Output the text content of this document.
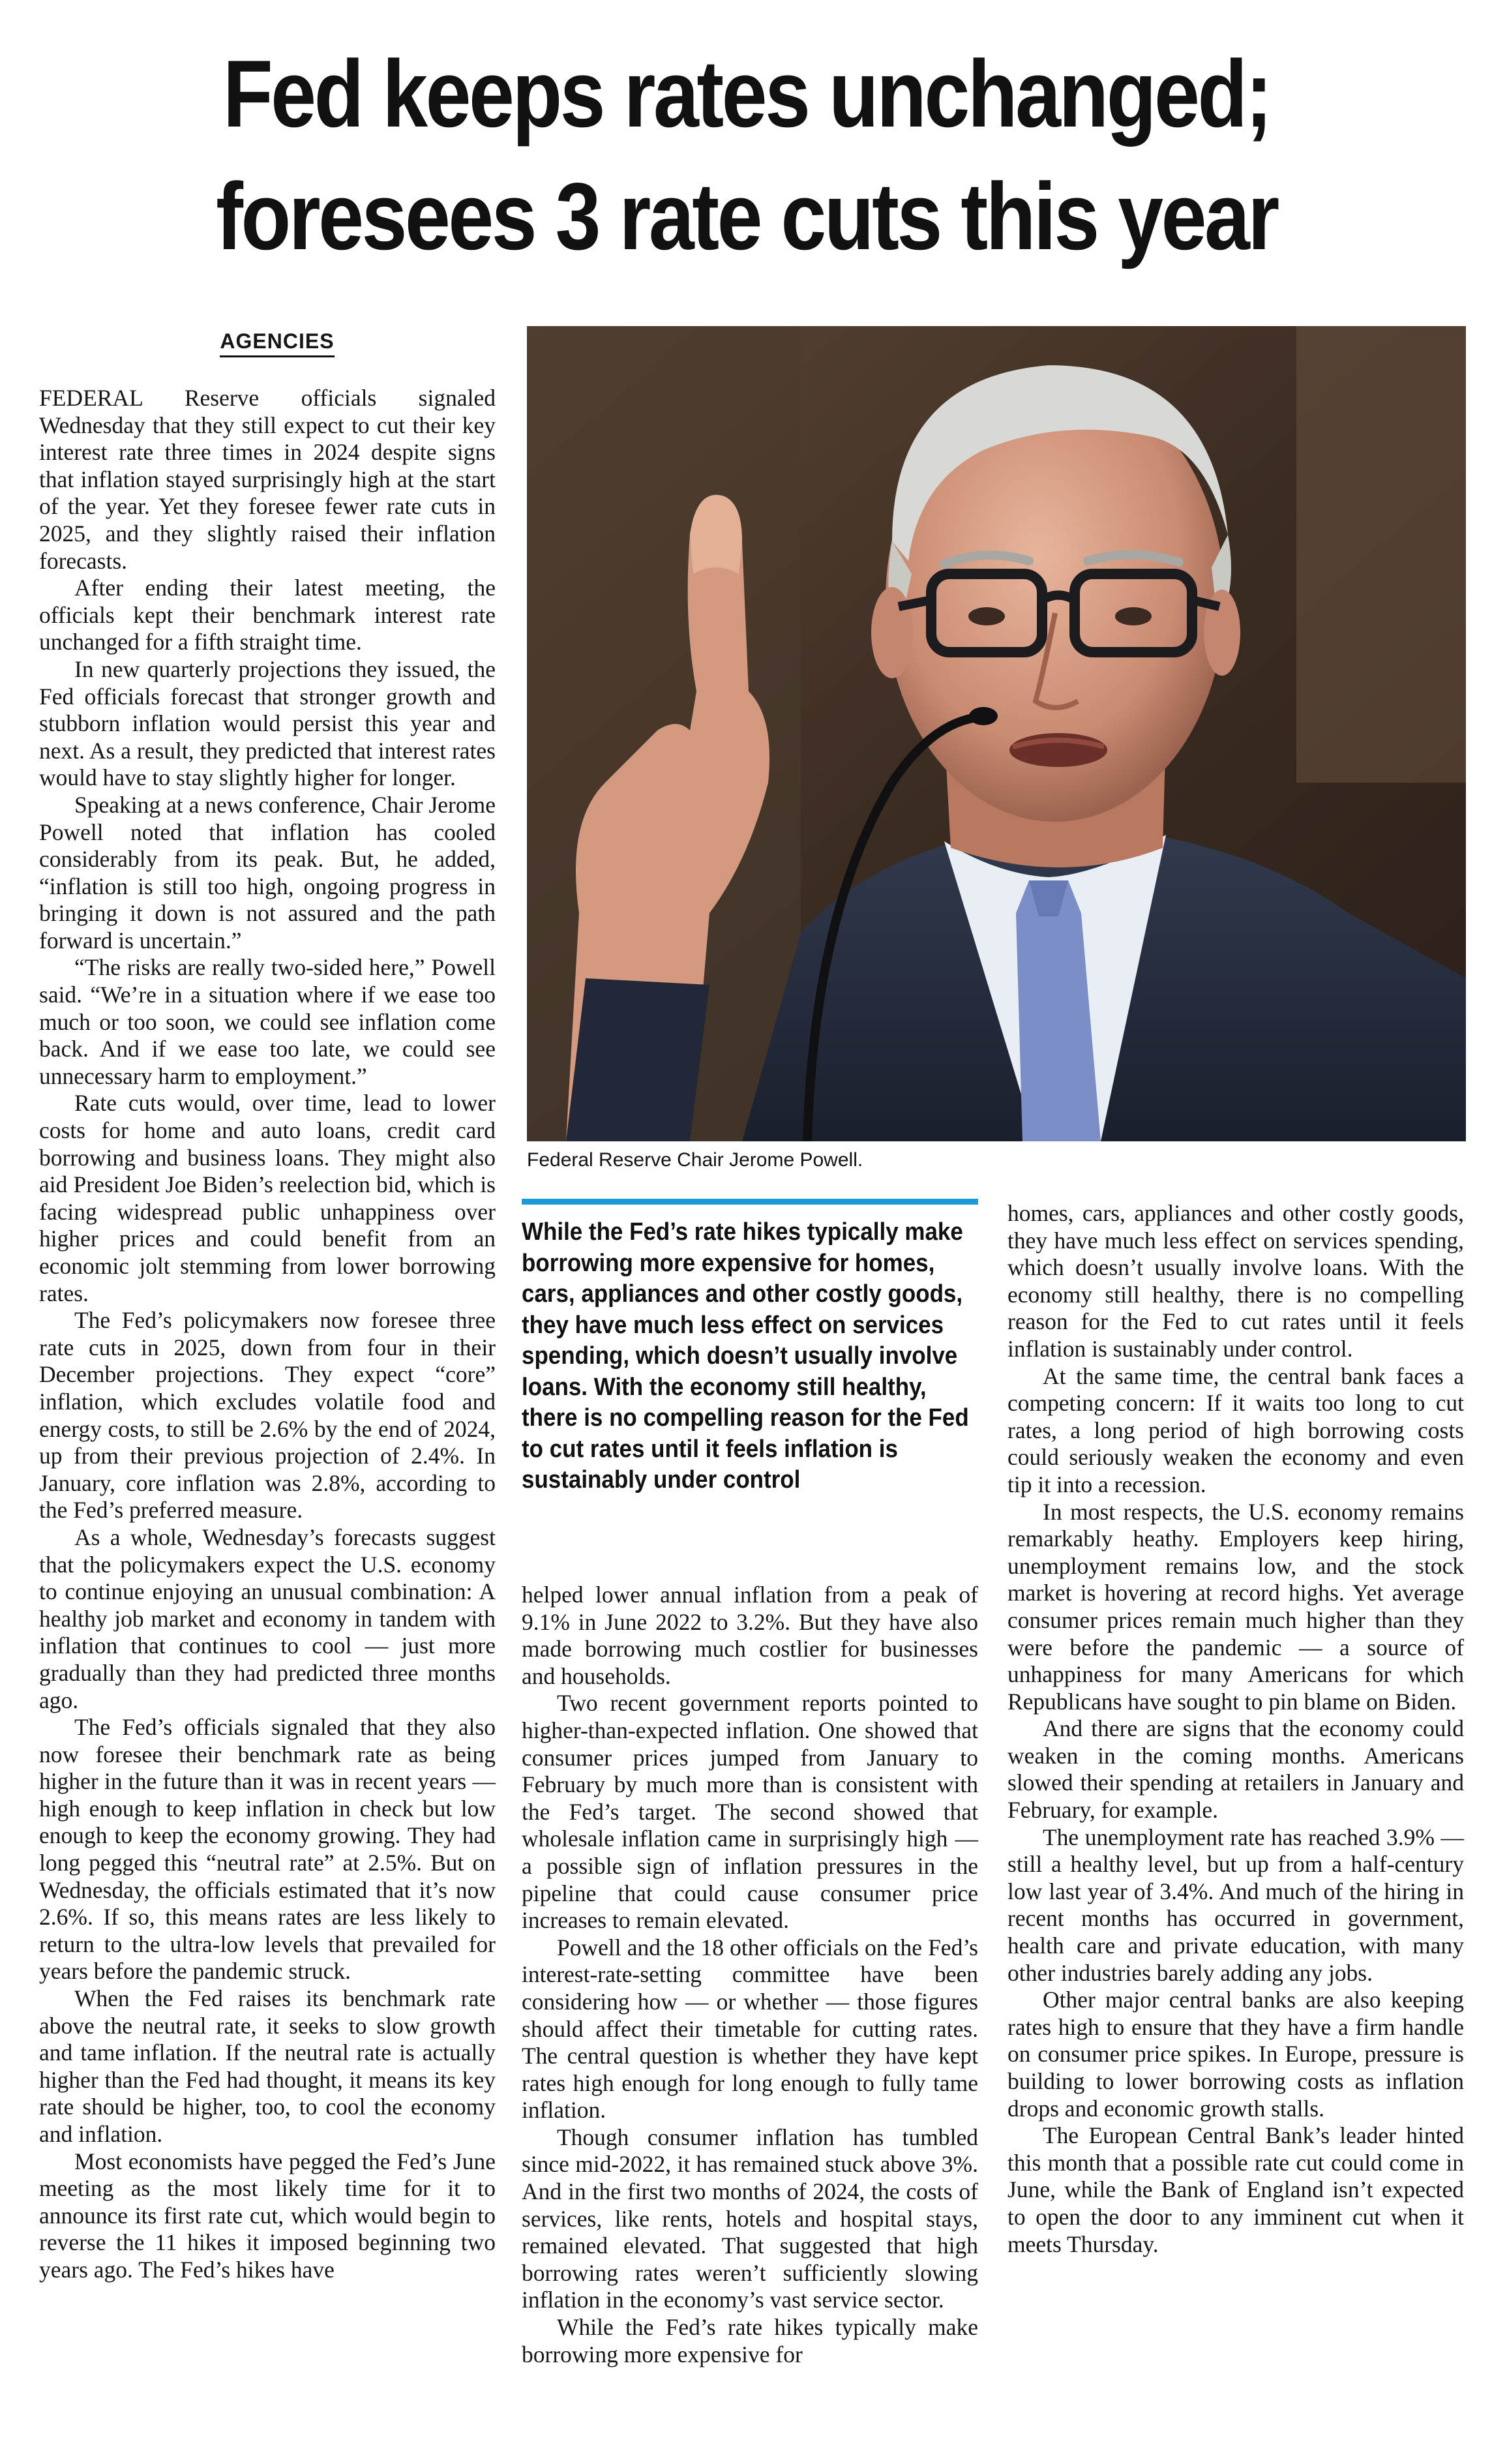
Fed keeps rates unchanged;
foresees 3 rate cuts this year
AGENCIES

FEDERAL Reserve officials signaled Wednesday that they still expect to cut their key interest rate three times in 2024 despite signs that inflation stayed surprisingly high at the start of the year. Yet they foresee fewer rate cuts in 2025, and they slightly raised their inflation forecasts.

After ending their latest meeting, the officials kept their benchmark interest rate unchanged for a fifth straight time.

In new quarterly projections they issued, the Fed officials forecast that stronger growth and stubborn inflation would persist this year and next. As a result, they predicted that interest rates would have to stay slightly higher for longer.

Speaking at a news conference, Chair Jerome Powell noted that inflation has cooled considerably from its peak. But, he added, “inflation is still too high, ongoing progress in bringing it down is not assured and the path forward is uncertain.”

“The risks are really two-sided here,” Powell said. “We’re in a situation where if we ease too much or too soon, we could see inflation come back. And if we ease too late, we could see unnecessary harm to employment.”

Rate cuts would, over time, lead to lower costs for home and auto loans, credit card borrowing and business loans. They might also aid President Joe Biden’s reelection bid, which is facing widespread public unhappiness over higher prices and could benefit from an economic jolt stemming from lower borrowing rates.

The Fed’s policymakers now foresee three rate cuts in 2025, down from four in their December projections. They expect “core” inflation, which excludes volatile food and energy costs, to still be 2.6% by the end of 2024, up from their previous projection of 2.4%. In January, core inflation was 2.8%, according to the Fed’s preferred measure.

As a whole, Wednesday’s forecasts suggest that the policymakers expect the U.S. economy to continue enjoying an unusual combination: A healthy job market and economy in tandem with inflation that continues to cool — just more gradually than they had predicted three months ago.

The Fed’s officials signaled that they also now foresee their benchmark rate as being higher in the future than it was in recent years — high enough to keep inflation in check but low enough to keep the economy growing. They had long pegged this “neutral rate” at 2.5%. But on Wednesday, the officials estimated that it’s now 2.6%. If so, this means rates are less likely to return to the ultra-low levels that prevailed for years before the pandemic struck.

When the Fed raises its benchmark rate above the neutral rate, it seeks to slow growth and tame inflation. If the neutral rate is actually higher than the Fed had thought, it means its key rate should be higher, too, to cool the economy and inflation.

Most economists have pegged the Fed’s June meeting as the most likely time for it to announce its first rate cut, which would begin to reverse the 11 hikes it imposed beginning two years ago. The Fed’s hikes have

Federal Reserve Chair Jerome Powell.
While the Fed’s rate hikes typically make borrowing more expensive for homes, cars, appliances and other costly goods, they have much less effect on services spending, which doesn’t usually involve loans. With the economy still healthy, there is no compelling reason for the Fed to cut rates until it feels inflation is sustainably under control

helped lower annual inflation from a peak of 9.1% in June 2022 to 3.2%. But they have also made borrowing much costlier for businesses and households.

Two recent government reports pointed to higher-than-expected inflation. One showed that consumer prices jumped from January to February by much more than is consistent with the Fed’s target. The second showed that wholesale inflation came in surprisingly high — a possible sign of inflation pressures in the pipeline that could cause consumer price increases to remain elevated.

Powell and the 18 other officials on the Fed’s interest-rate-setting committee have been considering how — or whether — those figures should affect their timetable for cutting rates. The central question is whether they have kept rates high enough for long enough to fully tame inflation.

Though consumer inflation has tumbled since mid-2022, it has remained stuck above 3%. And in the first two months of 2024, the costs of services, like rents, hotels and hospital stays, remained elevated. That suggested that high borrowing rates weren’t sufficiently slowing inflation in the economy’s vast service sector.

While the Fed’s rate hikes typically make borrowing more expensive for

homes, cars, appliances and other costly goods, they have much less effect on services spending, which doesn’t usually involve loans. With the economy still healthy, there is no compelling reason for the Fed to cut rates until it feels inflation is sustainably under control.

At the same time, the central bank faces a competing concern: If it waits too long to cut rates, a long period of high borrowing costs could seriously weaken the economy and even tip it into a recession.

In most respects, the U.S. economy remains remarkably heathy. Employers keep hiring, unemployment remains low, and the stock market is hovering at record highs. Yet average consumer prices remain much higher than they were before the pandemic — a source of unhappiness for many Americans for which Republicans have sought to pin blame on Biden.

And there are signs that the economy could weaken in the coming months. Americans slowed their spending at retailers in January and February, for example.

The unemployment rate has reached 3.9% — still a healthy level, but up from a half-century low last year of 3.4%. And much of the hiring in recent months has occurred in government, health care and private education, with many other industries barely adding any jobs.

Other major central banks are also keeping rates high to ensure that they have a firm handle on consumer price spikes. In Europe, pressure is building to lower borrowing costs as inflation drops and economic growth stalls.

The European Central Bank’s leader hinted this month that a possible rate cut could come in June, while the Bank of England isn’t expected to open the door to any imminent cut when it meets Thursday.
